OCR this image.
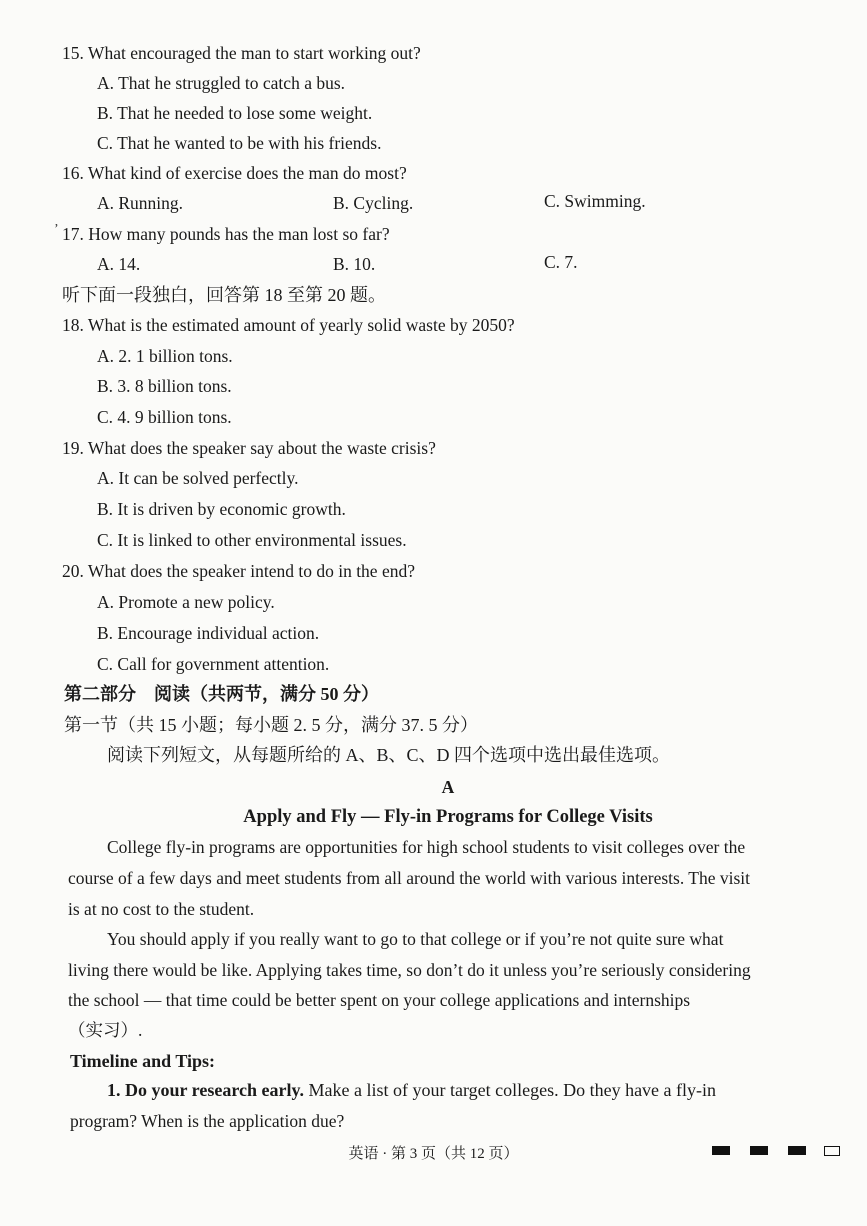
15. What encouraged the man to start working out?
A. That he struggled to catch a bus.
B. That he needed to lose some weight.
C. That he wanted to be with his friends.
16. What kind of exercise does the man do most?
A. Running.	B. Cycling.	C. Swimming.
ʼ 17. How many pounds has the man lost so far?
A. 14.	B. 10.	C. 7.
听下面一段独白，回答第 18 至第 20 题。
18. What is the estimated amount of yearly solid waste by 2050?
A. 2. 1 billion tons.
B. 3. 8 billion tons.
C. 4. 9 billion tons.
19. What does the speaker say about the waste crisis?
A. It can be solved perfectly.
B. It is driven by economic growth.
C. It is linked to other environmental issues.
20. What does the speaker intend to do in the end?
A. Promote a new policy.
B. Encourage individual action.
C. Call for government attention.
第二部分　阅读（共两节，满分 50 分）
第一节（共 15 小题；每小题 2. 5 分，满分 37. 5 分）
阅读下列短文，从每题所给的 A、B、C、D 四个选项中选出最佳选项。
A
Apply and Fly — Fly-in Programs for College Visits
College fly-in programs are opportunities for high school students to visit colleges over the
course of a few days and meet students from all around the world with various interests. The visit
is at no cost to the student.
You should apply if you really want to go to that college or if you’re not quite sure what
living there would be like. Applying takes time, so don’t do it unless you’re seriously considering
the school — that time could be better spent on your college applications and internships
（实习）.
Timeline and Tips:
1. Do your research early. Make a list of your target colleges. Do they have a fly-in
program? When is the application due?
英语 · 第 3 页（共 12 页）
